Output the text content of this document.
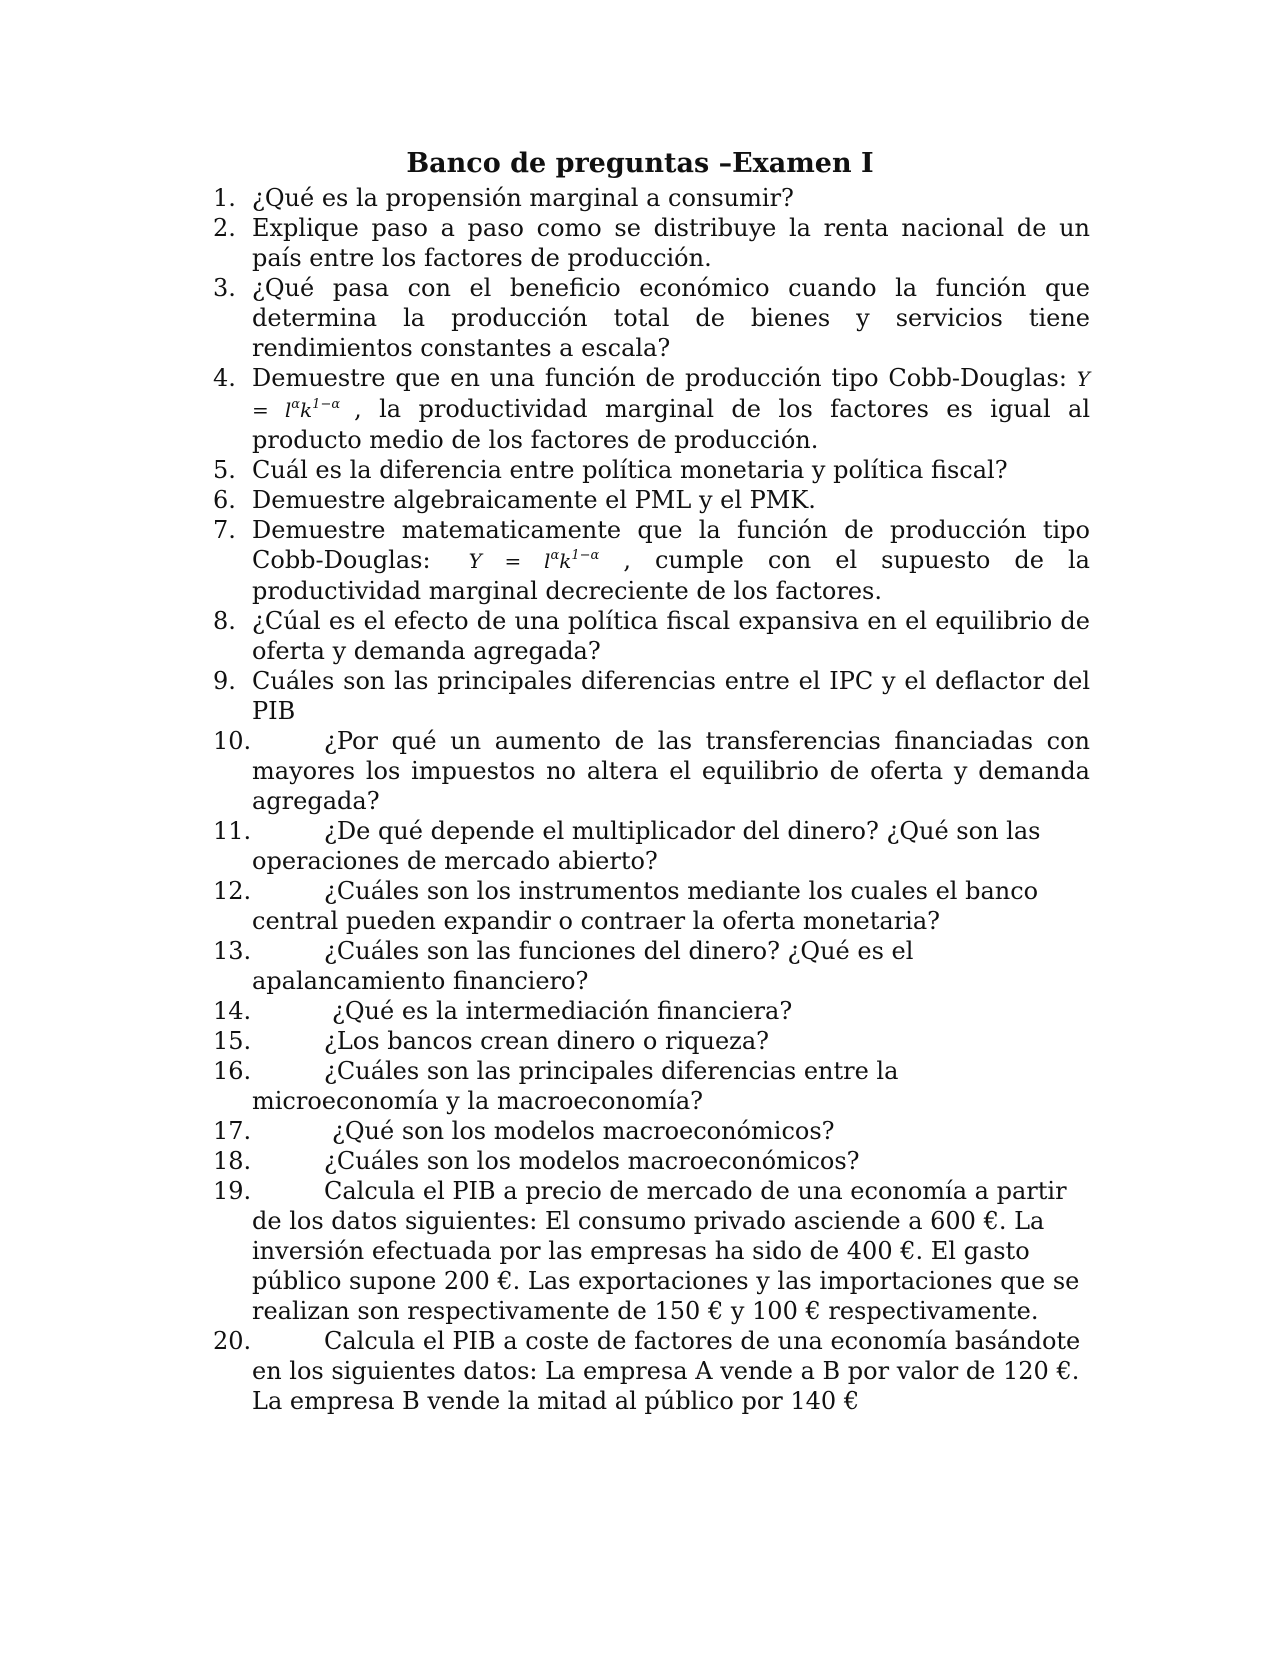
Banco de preguntas –Examen I
1. ¿Qué es la propensión marginal a consumir?
2. Explique paso a paso como se distribuye la renta nacional de un país entre los factores de producción.
3. ¿Qué pasa con el beneficio económico cuando la función que determina la producción total de bienes y servicios tiene rendimientos constantes a escala?
4. Demuestre que en una función de producción tipo Cobb-Douglas: $Y = l^\alpha k^{1-\alpha}$ , la productividad marginal de los factores es igual al producto medio de los factores de producción.
5. Cuál es la diferencia entre política monetaria y política fiscal?
6. Demuestre algebraicamente el PML y el PMK.
7. Demuestre matematicamente que la función de producción tipo Cobb-Douglas: $Y = l^\alpha k^{1-\alpha}$ , cumple con el supuesto de la productividad marginal decreciente de los factores.
8. ¿Cúal es el efecto de una política fiscal expansiva en el equilibrio de oferta y demanda agregada?
9. Cuáles son las principales diferencias entre el IPC y el deflactor del PIB
10.	¿Por qué un aumento de las transferencias financiadas con mayores los impuestos no altera el equilibrio de oferta y demanda agregada?
11.	¿De qué depende el multiplicador del dinero? ¿Qué son las operaciones de mercado abierto?
12.	¿Cuáles son los instrumentos mediante los cuales el banco central pueden expandir o contraer la oferta monetaria?
13.	¿Cuáles son las funciones del dinero? ¿Qué es el apalancamiento financiero?
14.	¿Qué es la intermediación financiera?
15.	¿Los bancos crean dinero o riqueza?
16.	¿Cuáles son las principales diferencias entre la microeconomía y la macroeconomía?
17.	¿Qué son los modelos macroeconómicos?
18.	¿Cuáles son los modelos macroeconómicos?
19.	Calcula el PIB a precio de mercado de una economía a partir de los datos siguientes: El consumo privado asciende a 600 €. La inversión efectuada por las empresas ha sido de 400 €. El gasto público supone 200 €. Las exportaciones y las importaciones que se realizan son respectivamente de 150 € y 100 € respectivamente.
20.	Calcula el PIB a coste de factores de una economía basándote en los siguientes datos: La empresa A vende a B por valor de 120 €. La empresa B vende la mitad al público por 140 €
